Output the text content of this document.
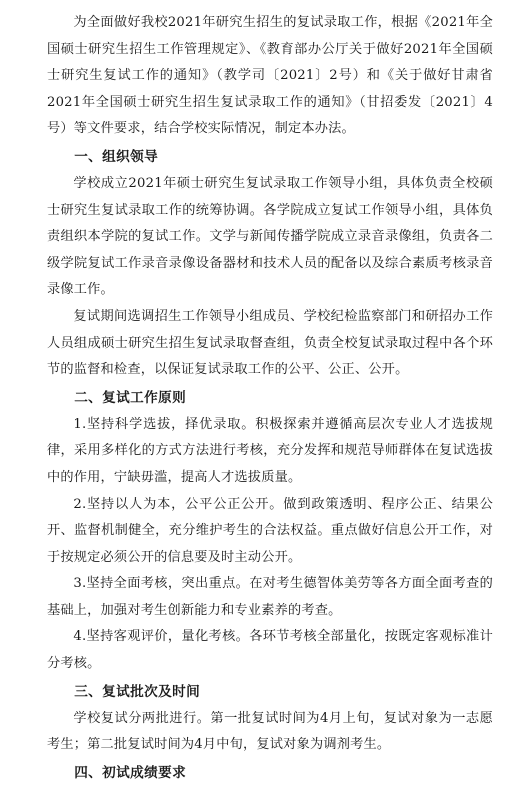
为全面做好我校2021年研究生招生的复试录取工作，根据《2021年全国硕士研究生招生工作管理规定》、《教育部办公厅关于做好2021年全国硕士研究生复试工作的通知》（教学司〔2021〕2号）和《关于做好甘肃省2021年全国硕士研究生招生复试录取工作的通知》（甘招委发〔2021〕4号）等文件要求，结合学校实际情况，制定本办法。

一、组织领导

学校成立2021年硕士研究生复试录取工作领导小组，具体负责全校硕士研究生复试录取工作的统筹协调。各学院成立复试工作领导小组，具体负责组织本学院的复试工作。文学与新闻传播学院成立录音录像组，负责各二级学院复试工作录音录像设备器材和技术人员的配备以及综合素质考核录音录像工作。

复试期间选调招生工作领导小组成员、学校纪检监察部门和研招办工作人员组成硕士研究生招生复试录取督查组，负责全校复试录取过程中各个环节的监督和检查，以保证复试录取工作的公平、公正、公开。

二、复试工作原则

1.坚持科学选拔，择优录取。积极探索并遵循高层次专业人才选拔规律，采用多样化的方式方法进行考核，充分发挥和规范导师群体在复试选拔中的作用，宁缺毋滥，提高人才选拔质量。

2.坚持以人为本，公平公正公开。做到政策透明、程序公正、结果公开、监督机制健全，充分维护考生的合法权益。重点做好信息公开工作，对于按规定必须公开的信息要及时主动公开。

3.坚持全面考核，突出重点。在对考生德智体美劳等各方面全面考查的基础上，加强对考生创新能力和专业素养的考查。

4.坚持客观评价，量化考核。各环节考核全部量化，按既定客观标准计分考核。

三、复试批次及时间

学校复试分两批进行。第一批复试时间为4月上旬，复试对象为一志愿考生；第二批复试时间为4月中旬，复试对象为调剂考生。

四、初试成绩要求
